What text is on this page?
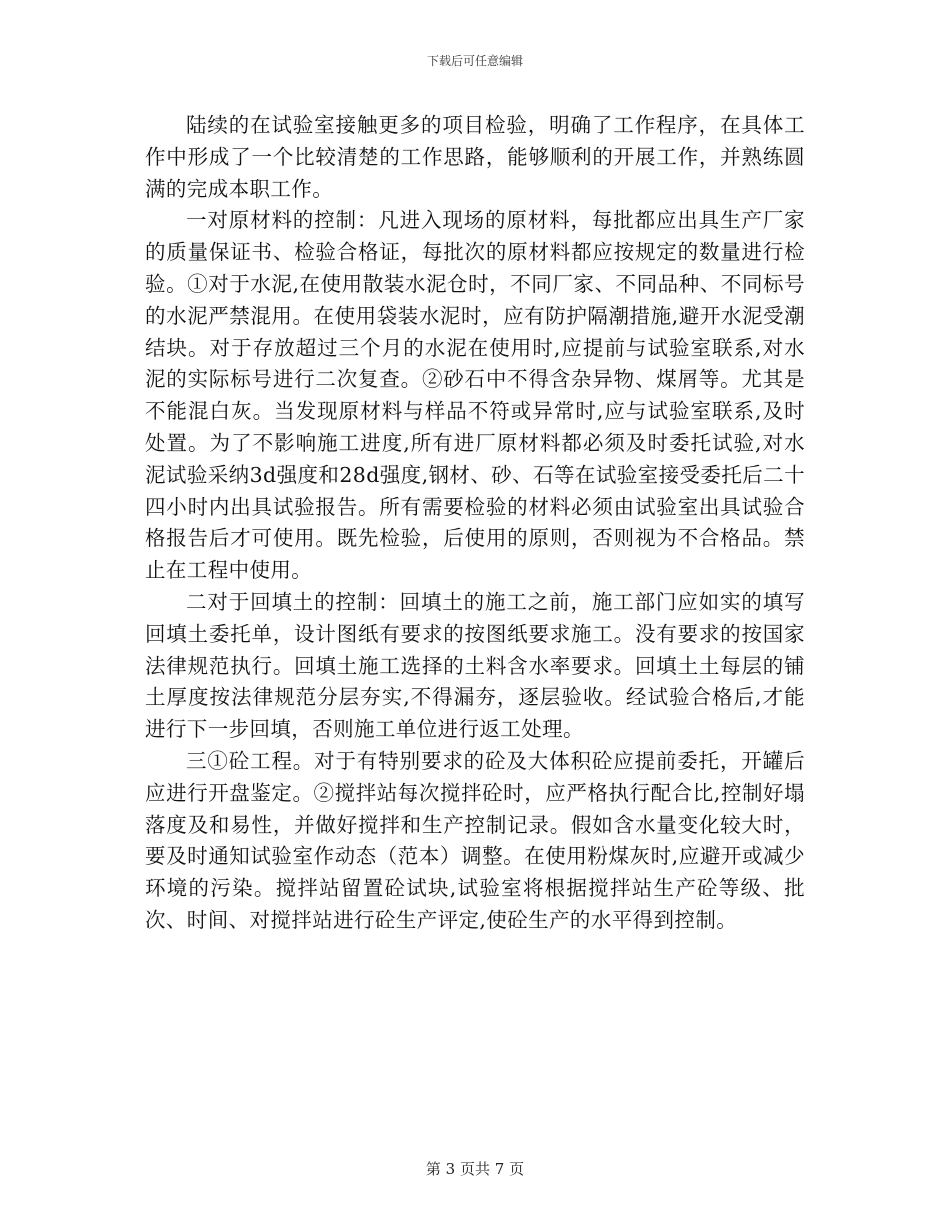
下载后可任意编辑

陆续的在试验室接触更多的项目检验，明确了工作程序，在具体工作中形成了一个比较清楚的工作思路，能够顺利的开展工作，并熟练圆满的完成本职工作。

一对原材料的控制：凡进入现场的原材料，每批都应出具生产厂家的质量保证书、检验合格证，每批次的原材料都应按规定的数量进行检验。①对于水泥,在使用散装水泥仓时，不同厂家、不同品种、不同标号的水泥严禁混用。在使用袋装水泥时，应有防护隔潮措施,避开水泥受潮结块。对于存放超过三个月的水泥在使用时,应提前与试验室联系,对水泥的实际标号进行二次复查。②砂石中不得含杂异物、煤屑等。尤其是不能混白灰。当发现原材料与样品不符或异常时,应与试验室联系,及时处置。为了不影响施工进度,所有进厂原材料都必须及时委托试验,对水泥试验采纳3d强度和28d强度,钢材、砂、石等在试验室接受委托后二十四小时内出具试验报告。所有需要检验的材料必须由试验室出具试验合格报告后才可使用。既先检验，后使用的原则，否则视为不合格品。禁止在工程中使用。

二对于回填土的控制：回填土的施工之前，施工部门应如实的填写回填土委托单，设计图纸有要求的按图纸要求施工。没有要求的按国家法律规范执行。回填土施工选择的土料含水率要求。回填土土每层的铺土厚度按法律规范分层夯实,不得漏夯，逐层验收。经试验合格后,才能进行下一步回填，否则施工单位进行返工处理。

三①砼工程。对于有特别要求的砼及大体积砼应提前委托，开罐后应进行开盘鉴定。②搅拌站每次搅拌砼时，应严格执行配合比,控制好塌落度及和易性，并做好搅拌和生产控制记录。假如含水量变化较大时，要及时通知试验室作动态（范本）调整。在使用粉煤灰时,应避开或减少环境的污染。搅拌站留置砼试块,试验室将根据搅拌站生产砼等级、批次、时间、对搅拌站进行砼生产评定,使砼生产的水平得到控制。

第 3 页共 7 页
